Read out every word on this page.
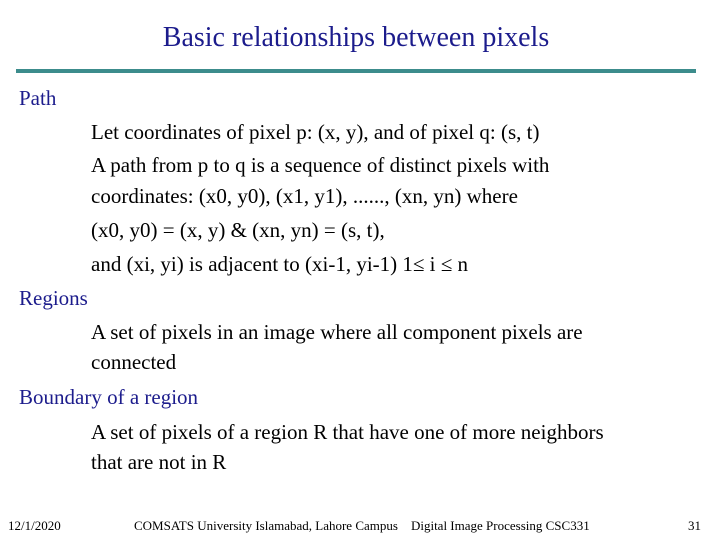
Basic relationships between pixels
Path
Let coordinates of pixel p: (x, y), and of pixel q: (s, t)
A path from p to q is a sequence of distinct pixels with
coordinates: (x0, y0), (x1, y1), ......, (xn, yn) where
(x0, y0) = (x, y) & (xn, yn) = (s, t),
and (xi, yi) is adjacent to (xi-1, yi-1) 1≤ i ≤ n
Regions
A set of pixels in an image where all component pixels are
connected
Boundary of a region
A set of pixels of a region R that have one of more neighbors
that are not in R
12/1/2020	COMSATS University Islamabad, Lahore Campus Digital Image Processing CSC331	31
